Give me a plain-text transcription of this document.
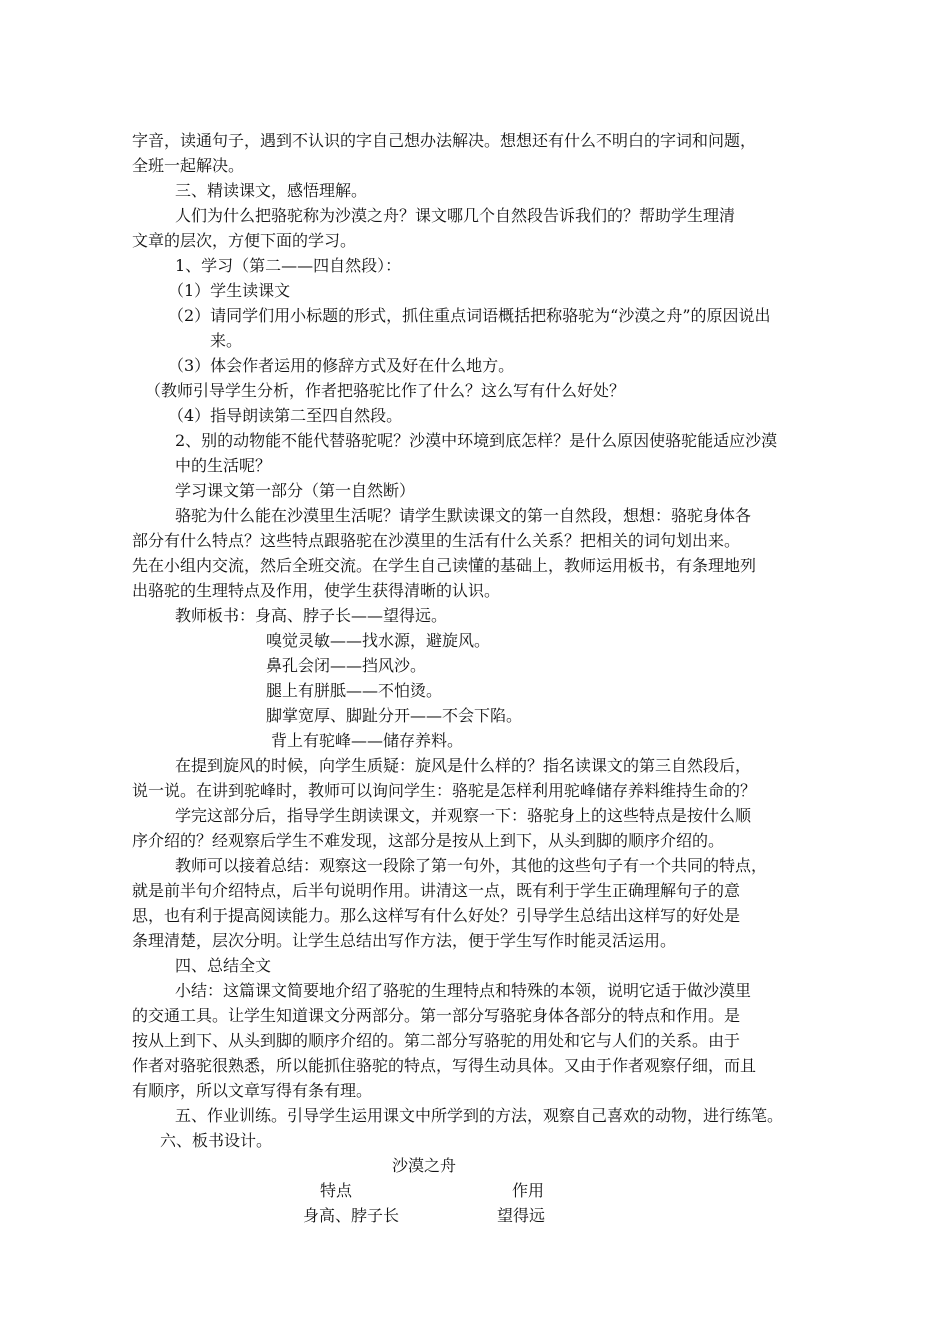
字音，读通句子，遇到不认识的字自己想办法解决。想想还有什么不明白的字词和问题，
全班一起解决。
三、精读课文，感悟理解。
人们为什么把骆驼称为沙漠之舟？课文哪几个自然段告诉我们的？帮助学生理清
文章的层次，方便下面的学习。
1、学习（第二——四自然段）：
（1）学生读课文
（2）请同学们用小标题的形式，抓住重点词语概括把称骆驼为“沙漠之舟”的原因说出
来。
（3）体会作者运用的修辞方式及好在什么地方。
（教师引导学生分析，作者把骆驼比作了什么？这么写有什么好处？
（4）指导朗读第二至四自然段。
2、别的动物能不能代替骆驼呢？沙漠中环境到底怎样？是什么原因使骆驼能适应沙漠
中的生活呢？
学习课文第一部分（第一自然断）
骆驼为什么能在沙漠里生活呢？请学生默读课文的第一自然段，想想：骆驼身体各
部分有什么特点？这些特点跟骆驼在沙漠里的生活有什么关系？把相关的词句划出来。
先在小组内交流，然后全班交流。在学生自己读懂的基础上，教师运用板书，有条理地列
出骆驼的生理特点及作用，使学生获得清晰的认识。
教师板书：身高、脖子长——望得远。
嗅觉灵敏——找水源，避旋风。
鼻孔会闭——挡风沙。
腿上有胼胝——不怕烫。
脚掌宽厚、脚趾分开——不会下陷。
背上有驼峰——储存养料。
在提到旋风的时候，向学生质疑：旋风是什么样的？指名读课文的第三自然段后，
说一说。在讲到驼峰时，教师可以询问学生：骆驼是怎样利用驼峰储存养料维持生命的？
学完这部分后，指导学生朗读课文，并观察一下：骆驼身上的这些特点是按什么顺
序介绍的？经观察后学生不难发现，这部分是按从上到下，从头到脚的顺序介绍的。
教师可以接着总结：观察这一段除了第一句外，其他的这些句子有一个共同的特点，
就是前半句介绍特点，后半句说明作用。讲清这一点，既有利于学生正确理解句子的意
思，也有利于提高阅读能力。那么这样写有什么好处？引导学生总结出这样写的好处是
条理清楚，层次分明。让学生总结出写作方法，便于学生写作时能灵活运用。
四、总结全文
小结：这篇课文简要地介绍了骆驼的生理特点和特殊的本领，说明它适于做沙漠里
的交通工具。让学生知道课文分两部分。第一部分写骆驼身体各部分的特点和作用。是
按从上到下、从头到脚的顺序介绍的。第二部分写骆驼的用处和它与人们的关系。由于
作者对骆驼很熟悉，所以能抓住骆驼的特点，写得生动具体。又由于作者观察仔细，而且
有顺序，所以文章写得有条有理。
五、作业训练。引导学生运用课文中所学到的方法，观察自己喜欢的动物，进行练笔。
六、板书设计。
沙漠之舟
特点	作用
身高、脖子长	望得远
